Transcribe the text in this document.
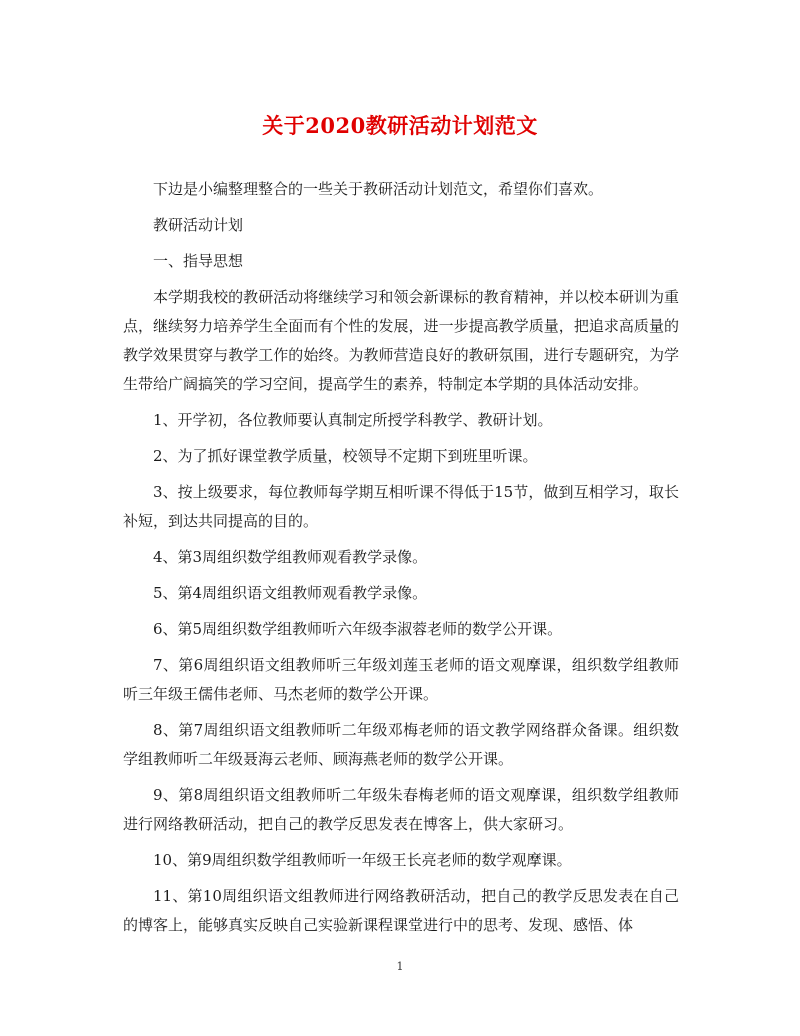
关于2020教研活动计划范文

下边是小编整理整合的一些关于教研活动计划范文，希望你们喜欢。

教研活动计划

一、指导思想

本学期我校的教研活动将继续学习和领会新课标的教育精神，并以校本研训为重点，继续努力培养学生全面而有个性的发展，进一步提高教学质量，把追求高质量的教学效果贯穿与教学工作的始终。为教师营造良好的教研氛围，进行专题研究，为学生带给广阔搞笑的学习空间，提高学生的素养，特制定本学期的具体活动安排。

1、开学初，各位教师要认真制定所授学科教学、教研计划。

2、为了抓好课堂教学质量，校领导不定期下到班里听课。

3、按上级要求，每位教师每学期互相听课不得低于15节，做到互相学习，取长补短，到达共同提高的目的。

4、第3周组织数学组教师观看教学录像。

5、第4周组织语文组教师观看教学录像。

6、第5周组织数学组教师听六年级李淑蓉老师的数学公开课。

7、第6周组织语文组教师听三年级刘莲玉老师的语文观摩课，组织数学组教师听三年级王儒伟老师、马杰老师的数学公开课。

8、第7周组织语文组教师听二年级邓梅老师的语文教学网络群众备课。组织数学组教师听二年级聂海云老师、顾海燕老师的数学公开课。

9、第8周组织语文组教师听二年级朱春梅老师的语文观摩课，组织数学组教师进行网络教研活动，把自己的教学反思发表在博客上，供大家研习。

10、第9周组织数学组教师听一年级王长亮老师的数学观摩课。

11、第10周组织语文组教师进行网络教研活动，把自己的教学反思发表在自己的博客上，能够真实反映自己实验新课程课堂进行中的思考、发现、感悟、体

1
